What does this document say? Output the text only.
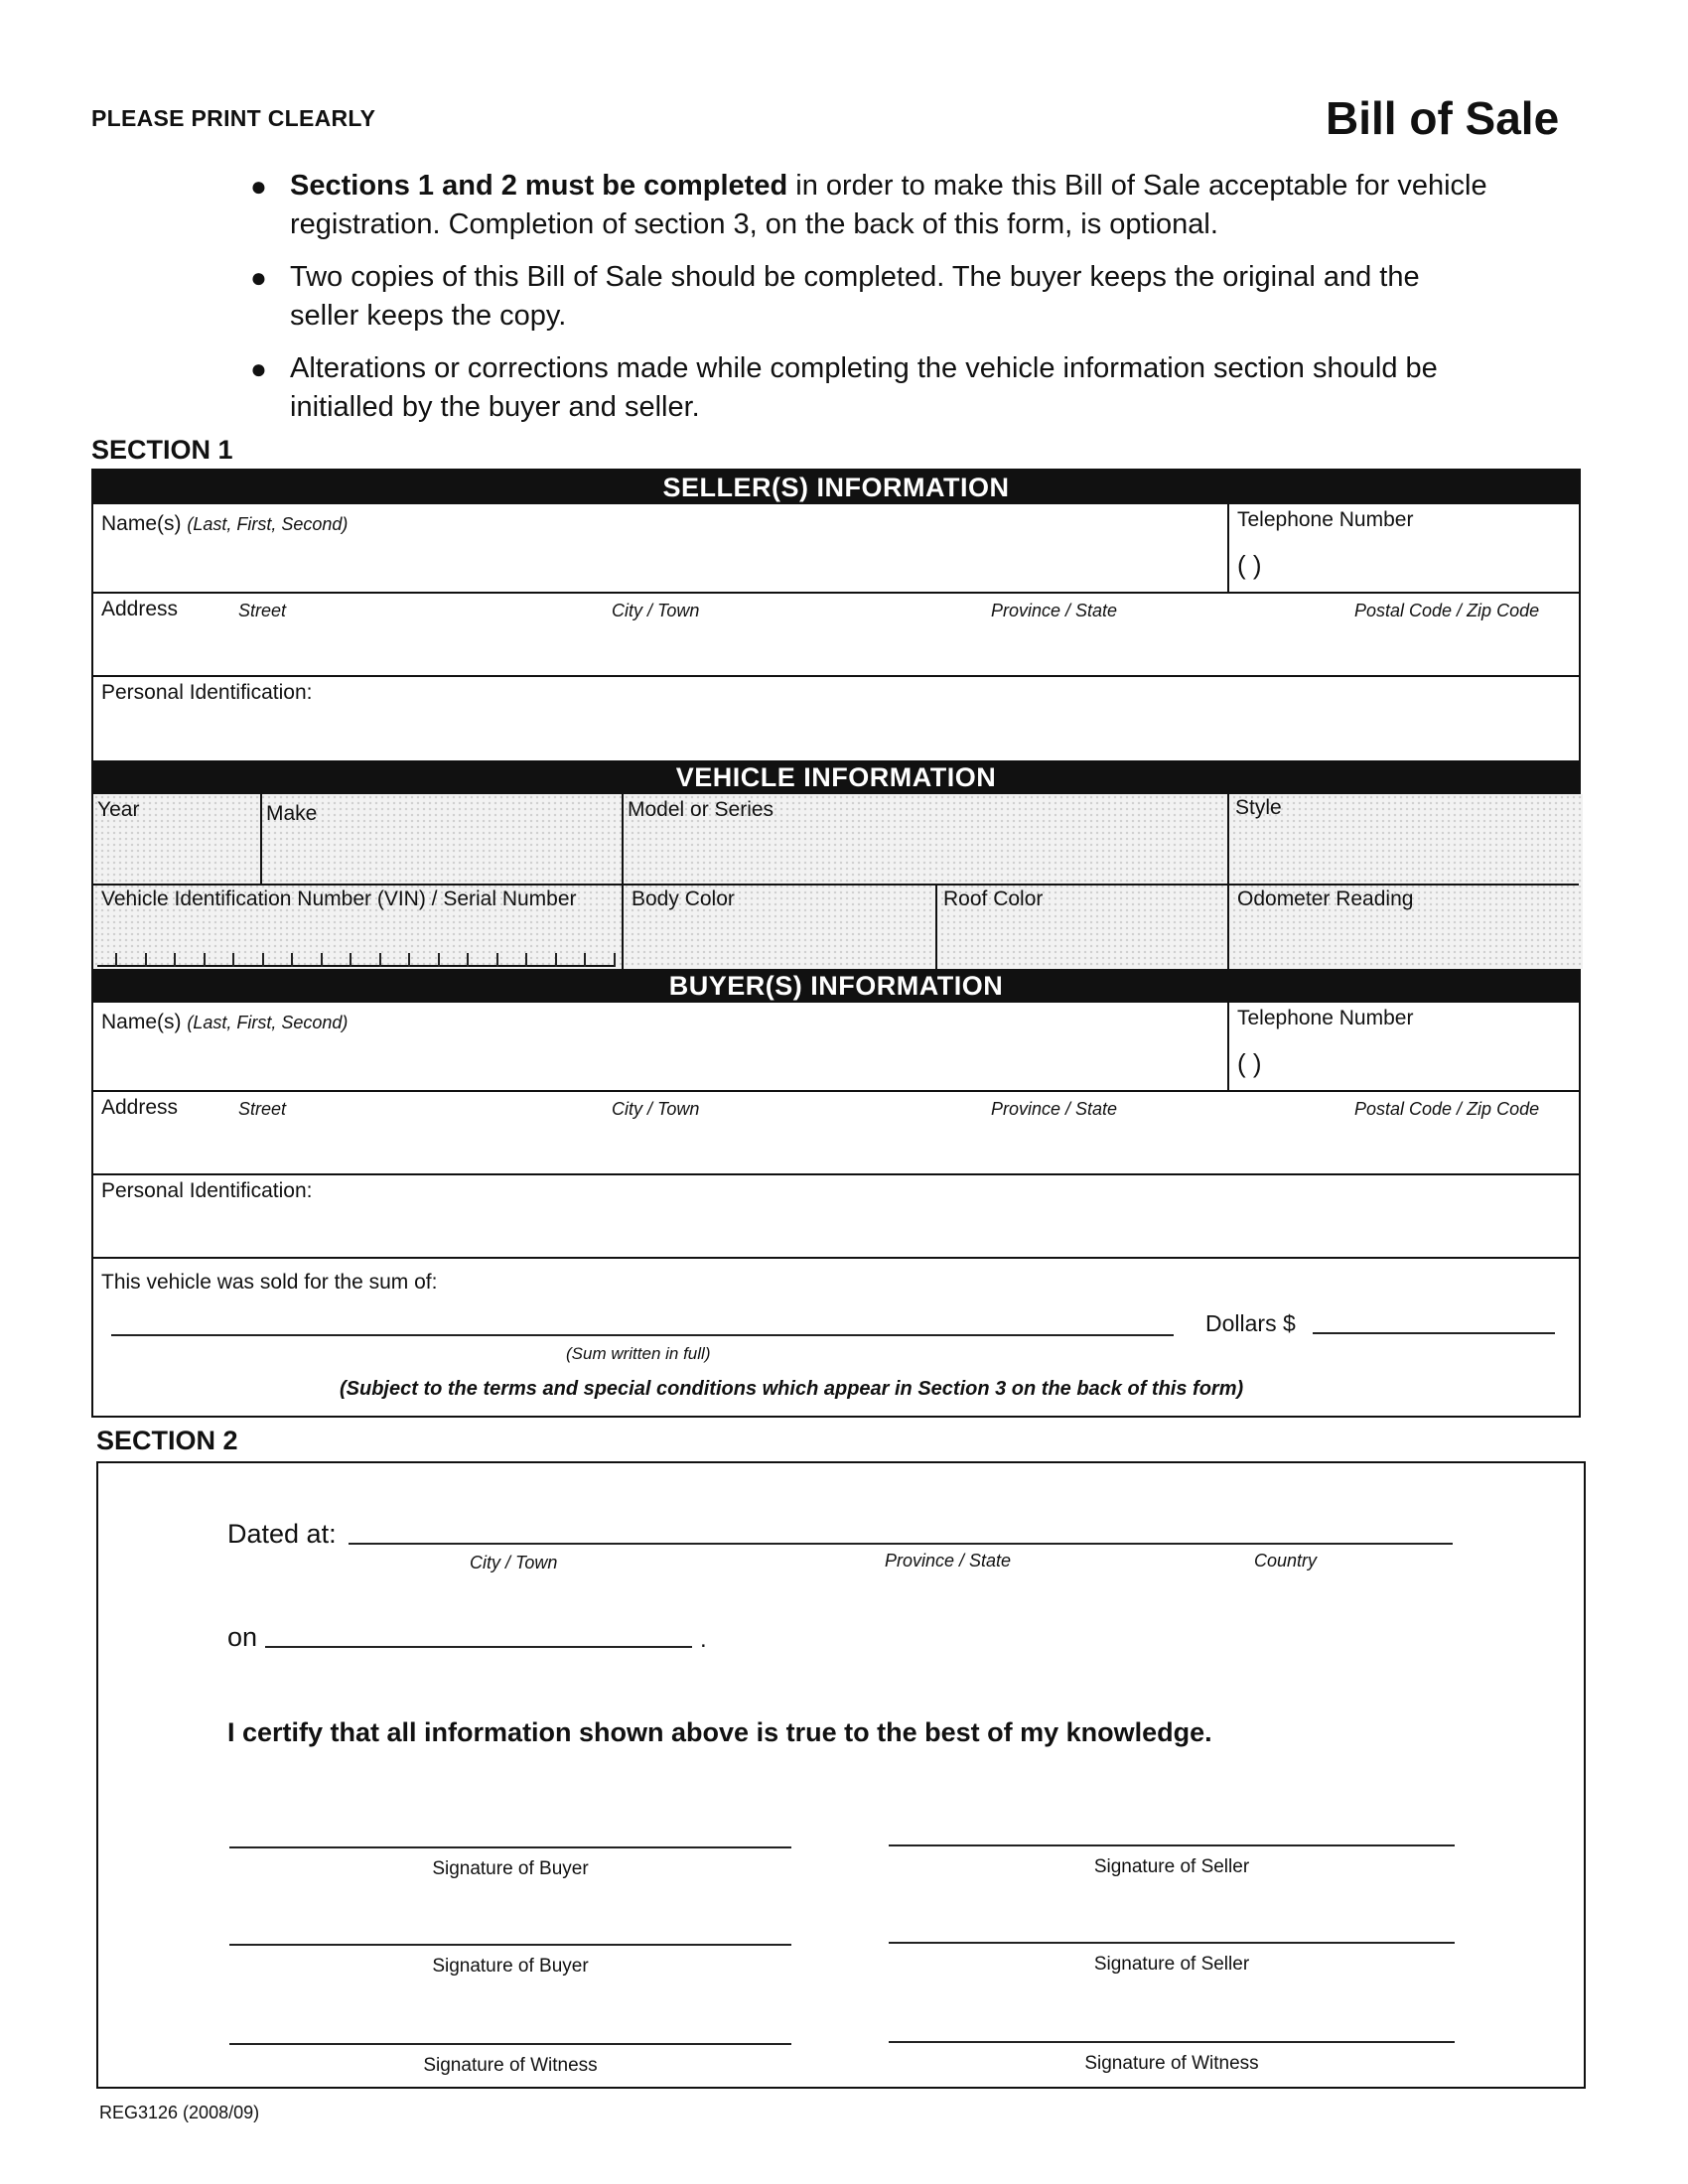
PLEASE PRINT CLEARLY	Bill of Sale
● Sections 1 and 2 must be completed in order to make this Bill of Sale acceptable for vehicle registration. Completion of section 3, on the back of this form, is optional.
● Two copies of this Bill of Sale should be completed. The buyer keeps the original and the seller keeps the copy.
● Alterations or corrections made while completing the vehicle information section should be initialled by the buyer and seller.
SECTION 1
SELLER(S) INFORMATION
Name(s) (Last, First, Second)	Telephone Number
( )
Address	Street	City / Town	Province / State	Postal Code / Zip Code
Personal Identification:
VEHICLE INFORMATION
Year	Make	Model or Series	Style
Vehicle Identification Number (VIN) / Serial Number	Body Color	Roof Color	Odometer Reading
BUYER(S) INFORMATION
Name(s) (Last, First, Second)	Telephone Number
( )
Address	Street	City / Town	Province / State	Postal Code / Zip Code
Personal Identification:
This vehicle was sold for the sum of:
Dollars $
(Sum written in full)
(Subject to the terms and special conditions which appear in Section 3 on the back of this form)
SECTION 2
Dated at:
City / Town	Province / State	Country
on	.
I certify that all information shown above is true to the best of my knowledge.
Signature of Buyer	Signature of Seller
Signature of Buyer	Signature of Seller
Signature of Witness	Signature of Witness
REG3126 (2008/09)
